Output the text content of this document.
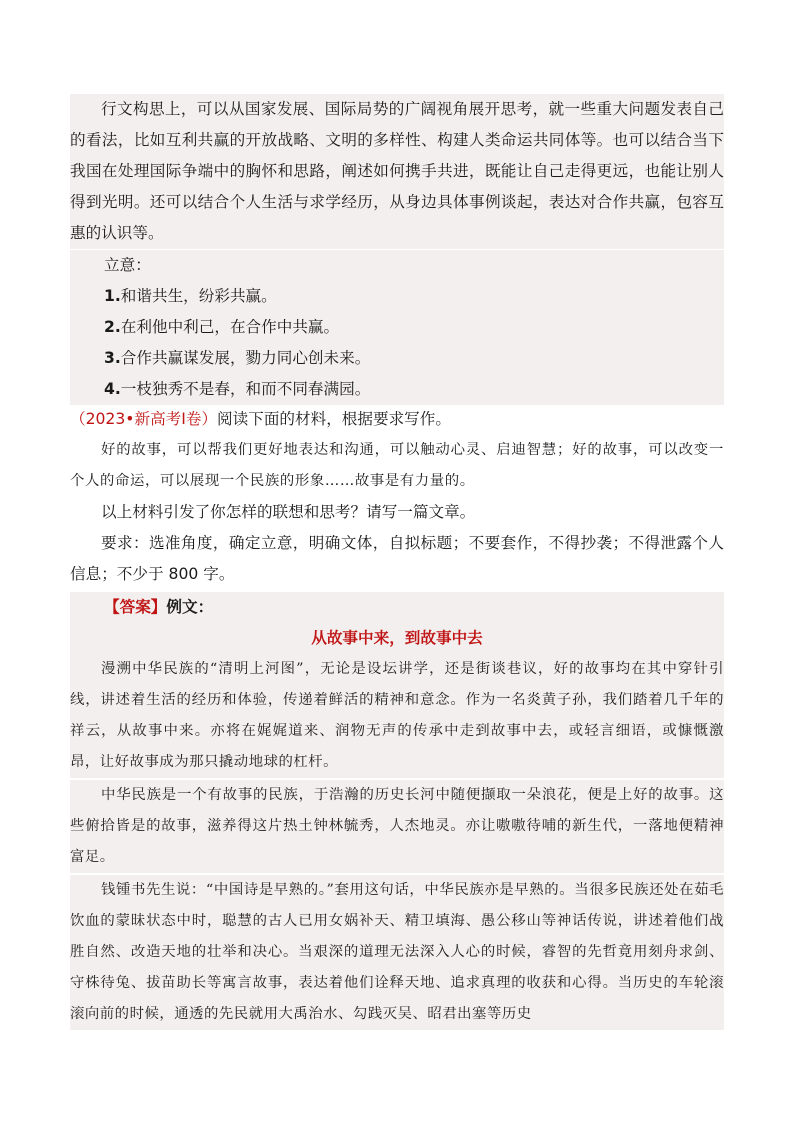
行文构思上，可以从国家发展、国际局势的广阔视角展开思考，就一些重大问题发表自己的看法，比如互利共赢的开放战略、文明的多样性、构建人类命运共同体等。也可以结合当下我国在处理国际争端中的胸怀和思路，阐述如何携手共进，既能让自己走得更远，也能让别人得到光明。还可以结合个人生活与求学经历，从身边具体事例谈起，表达对合作共赢，包容互惠的认识等。

立意：

1.和谐共生，纷彩共赢。

2.在利他中利己，在合作中共赢。

3.合作共赢谋发展，勠力同心创未来。

4.一枝独秀不是春，和而不同春满园。

（2023•新高考Ⅰ卷）阅读下面的材料，根据要求写作。

好的故事，可以帮我们更好地表达和沟通，可以触动心灵、启迪智慧；好的故事，可以改变一个人的命运，可以展现一个民族的形象……故事是有力量的。

以上材料引发了你怎样的联想和思考？请写一篇文章。

要求：选准角度，确定立意，明确文体，自拟标题；不要套作，不得抄袭；不得泄露个人信息；不少于 800 字。

【答案】例文：

从故事中来，到故事中去

漫溯中华民族的“清明上河图”，无论是设坛讲学，还是街谈巷议，好的故事均在其中穿针引线，讲述着生活的经历和体验，传递着鲜活的精神和意念。作为一名炎黄子孙，我们踏着几千年的祥云，从故事中来。亦将在娓娓道来、润物无声的传承中走到故事中去，或轻言细语，或慷慨激昂，让好故事成为那只撬动地球的杠杆。

中华民族是一个有故事的民族，于浩瀚的历史长河中随便撷取一朵浪花，便是上好的故事。这些俯拾皆是的故事，滋养得这片热土钟林毓秀，人杰地灵。亦让嗷嗷待哺的新生代，一落地便精神富足。

钱锺书先生说：“中国诗是早熟的。”套用这句话，中华民族亦是早熟的。当很多民族还处在茹毛饮血的蒙昧状态中时，聪慧的古人已用女娲补天、精卫填海、愚公移山等神话传说，讲述着他们战胜自然、改造天地的壮举和决心。当艰深的道理无法深入人心的时候，睿智的先哲竟用刻舟求剑、守株待兔、拔苗助长等寓言故事，表达着他们诠释天地、追求真理的收获和心得。当历史的车轮滚滚向前的时候，通透的先民就用大禹治水、勾践灭吴、昭君出塞等历史
